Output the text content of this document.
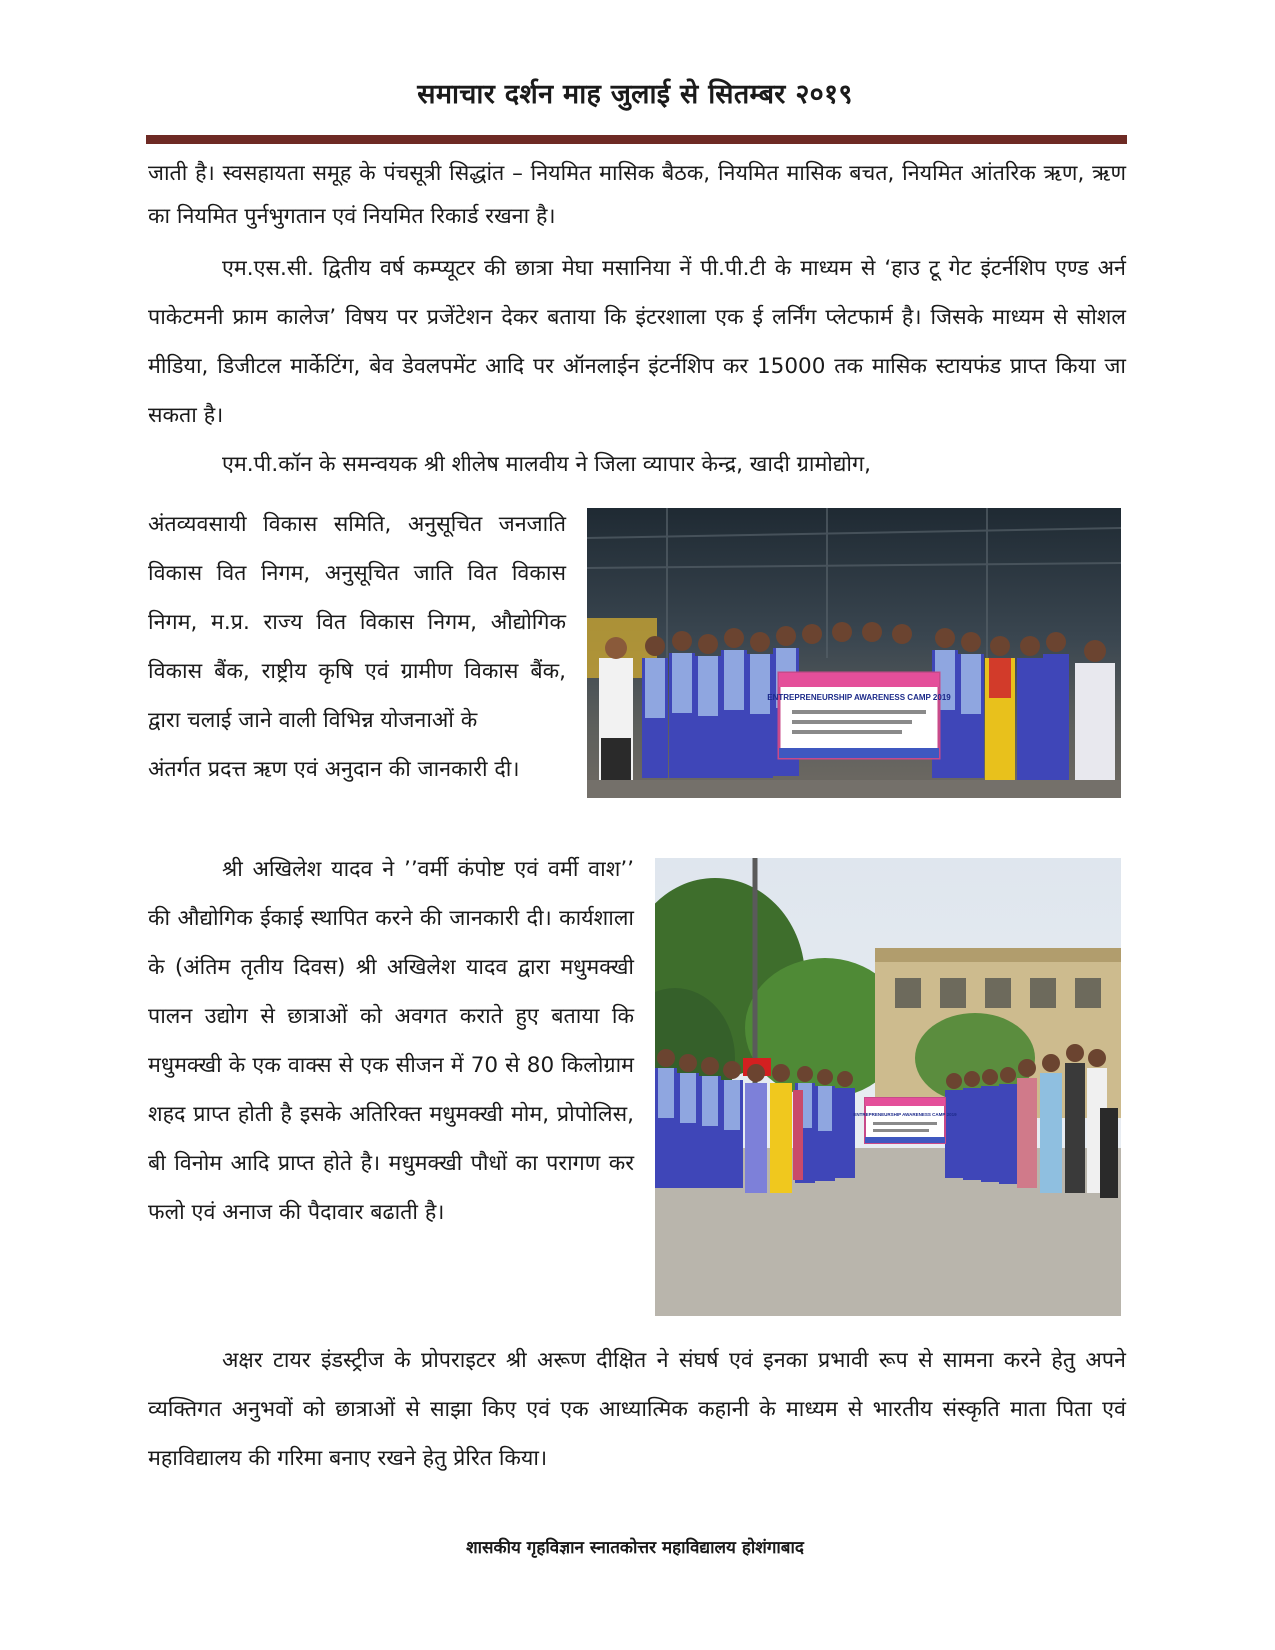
समाचार दर्शन माह जुलाई से सितम्बर २०१९

जाती है। स्वसहायता समूह के पंचसूत्री सिद्धांत – नियमित मासिक बैठक, नियमित मासिक बचत, नियमित आंतरिक ऋण, ऋण का नियमित पुर्नभुगतान एवं नियमित रिकार्ड रखना है।

एम.एस.सी. द्वितीय वर्ष कम्प्यूटर की छात्रा मेघा मसानिया नें पी.पी.टी के माध्यम से ‘हाउ टू गेट इंटर्नशिप एण्ड अर्न पाकेटमनी फ्राम कालेज’ विषय पर प्रजेंटेशन देकर बताया कि इंटरशाला एक ई लर्निंग प्लेटफार्म है। जिसके माध्यम से सोशल मीडिया, डिजीटल मार्केटिंग, बेव डेवलपमेंट आदि पर ऑनलाईन इंटर्नशिप कर 15000 तक मासिक स्टायफंड प्राप्त किया जा सकता है।

एम.पी.कॉन के समन्वयक श्री शीलेष मालवीय ने जिला व्यापार केन्द्र, खादी ग्रामोद्योग,

अंतव्यवसायी विकास समिति, अनुसूचित जनजाति विकास वित निगम, अनुसूचित जाति वित विकास निगम, म.प्र. राज्य वित विकास निगम, औद्योगिक विकास बैंक, राष्ट्रीय कृषि एवं ग्रामीण विकास बैंक, द्वारा चलाई जाने वाली विभिन्न योजनाओं के

अंतर्गत प्रदत्त ऋण एवं अनुदान की जानकारी दी।

ENTREPRENEURSHIP AWARENESS CAMP 2019

श्री अखिलेश यादव ने ’’वर्मी कंपोष्ट एवं वर्मी वाश’’ की औद्योगिक ईकाई स्थापित करने की जानकारी दी। कार्यशाला के (अंतिम तृतीय दिवस) श्री अखिलेश यादव द्वारा मधुमक्खी पालन उद्योग से छात्राओं को अवगत कराते हुए बताया कि मधुमक्खी के एक वाक्स से एक सीजन में 70 से 80 किलोग्राम शहद प्राप्त होती है इसके अतिरिक्त मधुमक्खी मोम, प्रोपोलिस, बी विनोम आदि प्राप्त होते है। मधुमक्खी पौधों का परागण कर फलो एवं अनाज की पैदावार बढाती है।

ENTREPRENEURSHIP AWARENESS CAMP 2019

अक्षर टायर इंडस्ट्रीज के प्रोपराइटर श्री अरूण दीक्षित ने संघर्ष एवं इनका प्रभावी रूप से सामना करने हेतु अपने व्यक्तिगत अनुभवों को छात्राओं से साझा किए एवं एक आध्यात्मिक कहानी के माध्यम से भारतीय संस्कृति माता पिता एवं महाविद्यालय की गरिमा बनाए रखने हेतु प्रेरित किया।

शासकीय गृहविज्ञान स्नातकोत्तर महाविद्यालय होशंगाबाद
